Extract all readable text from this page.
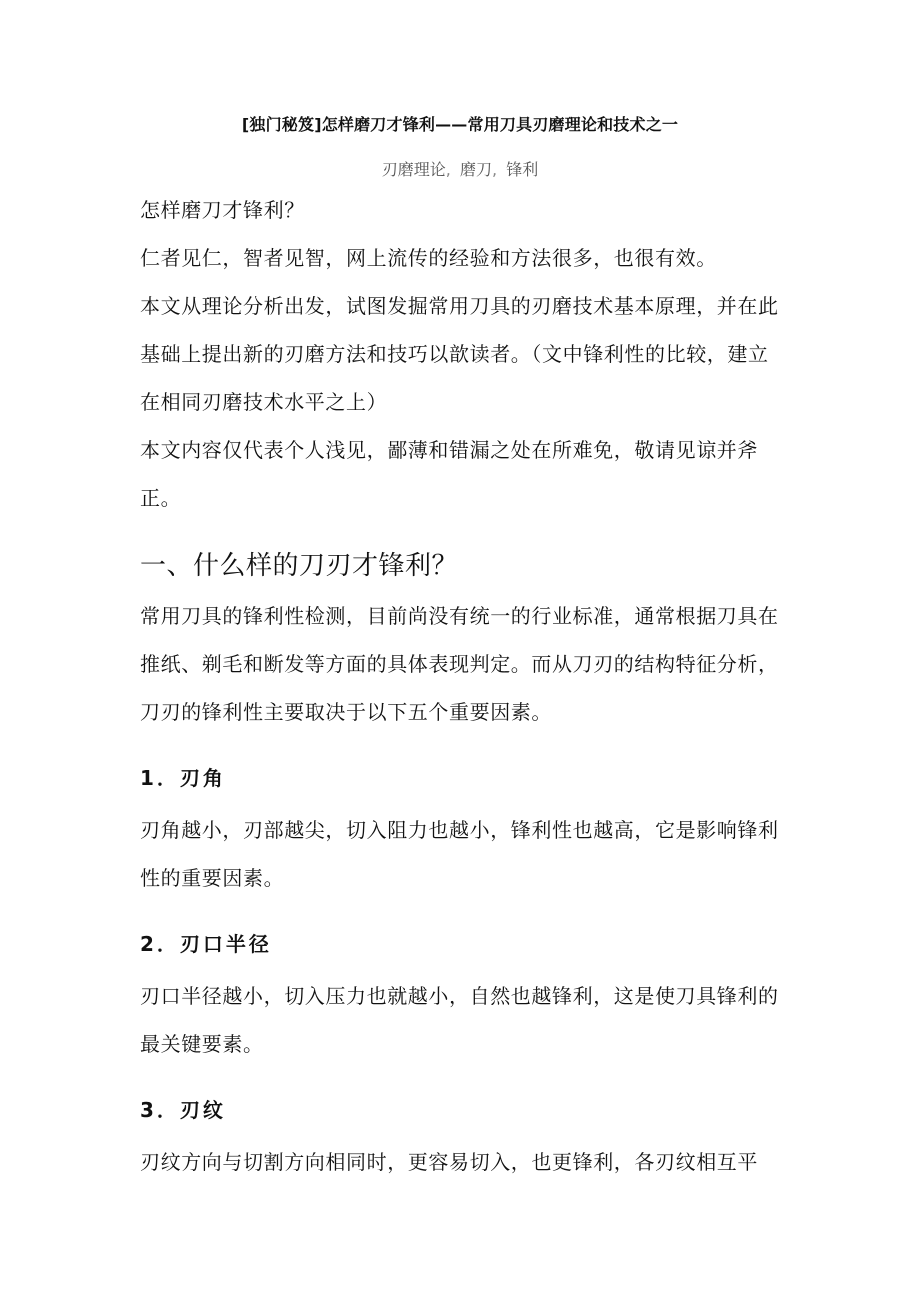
[独门秘笈]怎样磨刀才锋利——常用刀具刃磨理论和技术之一
刃磨理论, 磨刀, 锋利

怎样磨刀才锋利？

仁者见仁，智者见智，网上流传的经验和方法很多，也很有效。

本文从理论分析出发，试图发掘常用刀具的刃磨技术基本原理，并在此基础上提出新的刃磨方法和技巧以歆读者。（文中锋利性的比较，建立在相同刃磨技术水平之上）

本文内容仅代表个人浅见，鄙薄和错漏之处在所难免，敬请见谅并斧正。

一、什么样的刀刃才锋利？

常用刀具的锋利性检测，目前尚没有统一的行业标准，通常根据刀具在推纸、剃毛和断发等方面的具体表现判定。而从刀刃的结构特征分析，刀刃的锋利性主要取决于以下五个重要因素。

1．刃角

刃角越小，刃部越尖，切入阻力也越小，锋利性也越高，它是影响锋利性的重要因素。

2．刃口半径

刃口半径越小，切入压力也就越小，自然也越锋利，这是使刀具锋利的最关键要素。

3．刃纹

刃纹方向与切割方向相同时，更容易切入，也更锋利，各刃纹相互平
